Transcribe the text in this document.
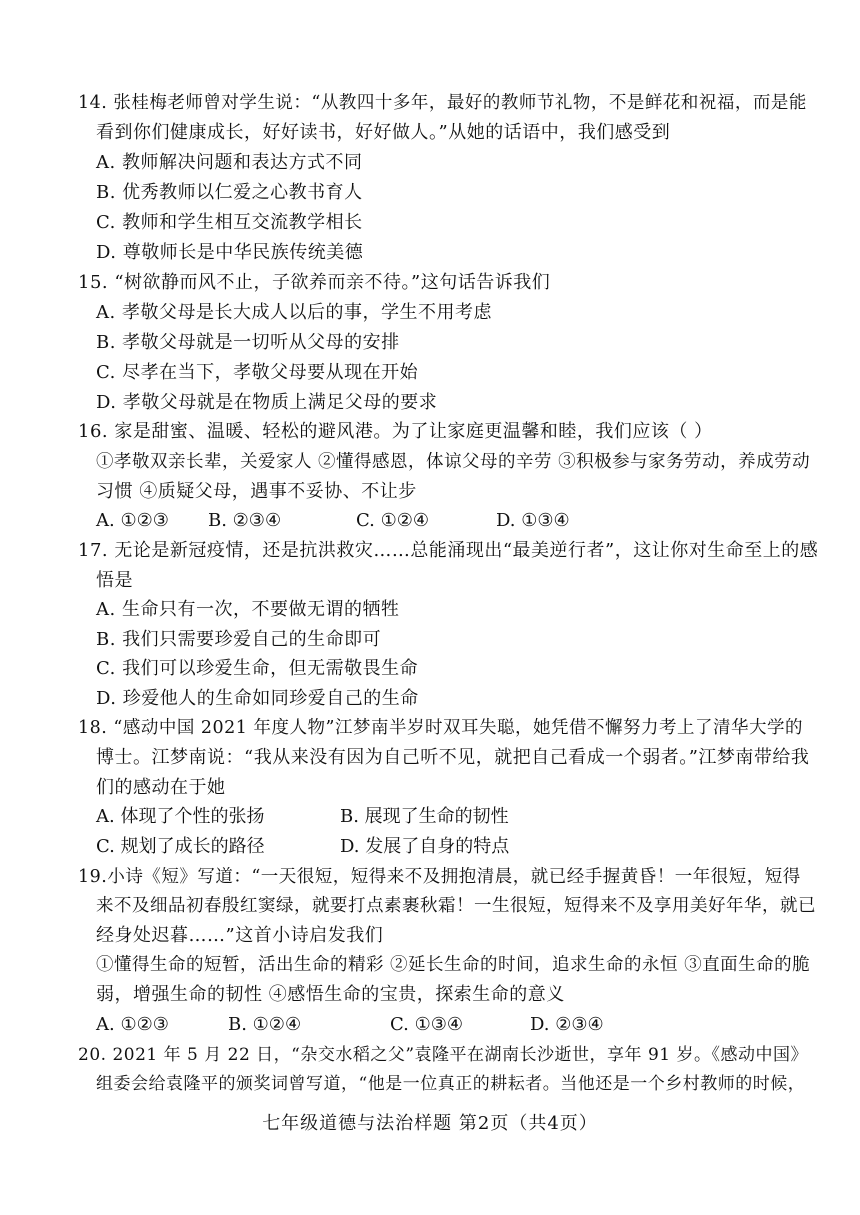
14. 张桂梅老师曾对学生说：“从教四十多年，最好的教师节礼物，不是鲜花和祝福，而是能
看到你们健康成长，好好读书，好好做人。”从她的话语中，我们感受到
A. 教师解决问题和表达方式不同
B. 优秀教师以仁爱之心教书育人
C. 教师和学生相互交流教学相长
D. 尊敬师长是中华民族传统美德
15. “树欲静而风不止，子欲养而亲不待。”这句话告诉我们
A. 孝敬父母是长大成人以后的事，学生不用考虑
B. 孝敬父母就是一切听从父母的安排
C. 尽孝在当下，孝敬父母要从现在开始
D. 孝敬父母就是在物质上满足父母的要求
16. 家是甜蜜、温暖、轻松的避风港。为了让家庭更温馨和睦，我们应该（ ）
①孝敬双亲长辈，关爱家人 ②懂得感恩，体谅父母的辛劳 ③积极参与家务劳动，养成劳动
习惯 ④质疑父母，遇事不妥协、不让步
A. ①②③ B. ②③④	C. ①②④	D. ①③④
17. 无论是新冠疫情，还是抗洪救灾……总能涌现出“最美逆行者”，这让你对生命至上的感
悟是
A. 生命只有一次，不要做无谓的牺牲
B. 我们只需要珍爱自己的生命即可
C. 我们可以珍爱生命，但无需敬畏生命
D. 珍爱他人的生命如同珍爱自己的生命
18. “感动中国 2021 年度人物”江梦南半岁时双耳失聪，她凭借不懈努力考上了清华大学的
博士。江梦南说：“我从来没有因为自己听不见，就把自己看成一个弱者。”江梦南带给我
们的感动在于她
A. 体现了个性的张扬	B. 展现了生命的韧性
C. 规划了成长的路径	D. 发展了自身的特点
19.小诗《短》写道：“一天很短，短得来不及拥抱清晨，就已经手握黄昏！一年很短，短得
来不及细品初春殷红窦绿，就要打点素裹秋霜！一生很短，短得来不及享用美好年华，就已
经身处迟暮……”这首小诗启发我们
①懂得生命的短暂，活出生命的精彩 ②延长生命的时间，追求生命的永恒 ③直面生命的脆
弱，增强生命的韧性 ④感悟生命的宝贵，探索生命的意义
A. ①②③	B. ①②④	C. ①③④	D. ②③④
20. 2021 年 5 月 22 日，“杂交水稻之父”袁隆平在湖南长沙逝世，享年 91 岁。《感动中国》
组委会给袁隆平的颁奖词曾写道，“他是一位真正的耕耘者。当他还是一个乡村教师的时候，
七年级道德与法治样题 第2页（共4页）
